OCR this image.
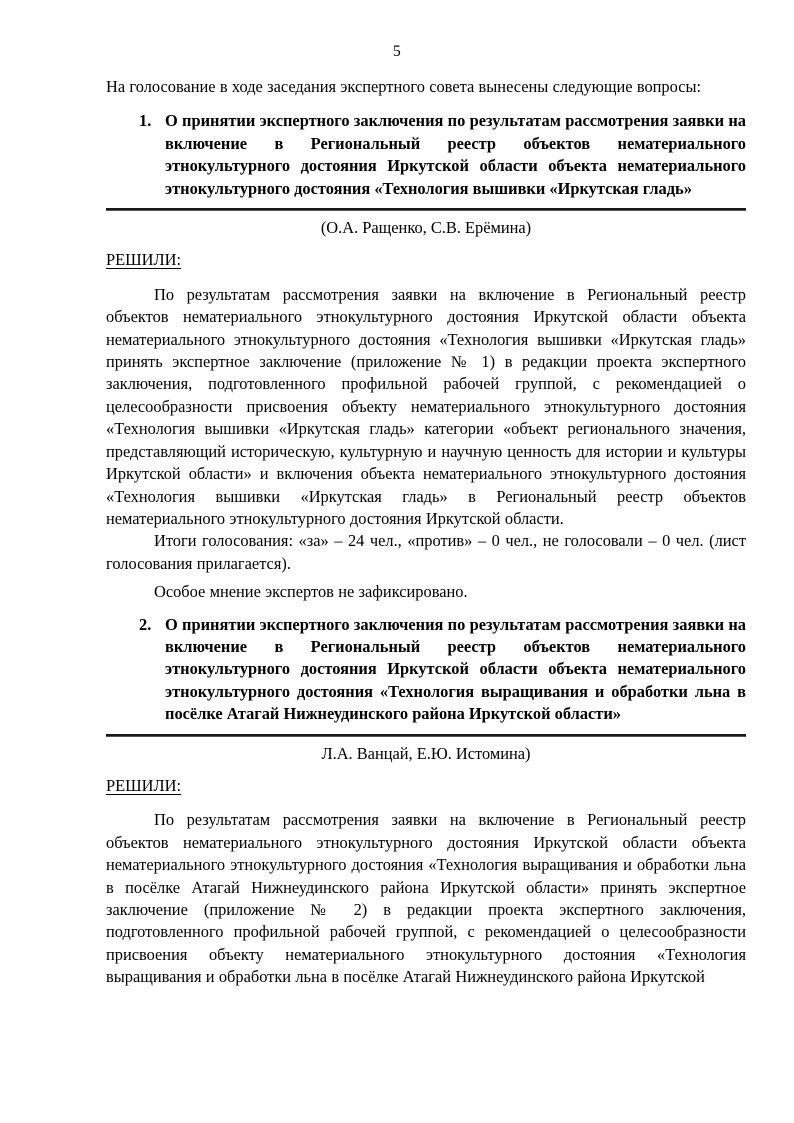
5

На голосование в ходе заседания экспертного совета вынесены следующие вопросы:

1. О принятии экспертного заключения по результатам рассмотрения заявки на включение в Региональный реестр объектов нематериального этнокультурного достояния Иркутской области объекта нематериального этнокультурного достояния «Технология вышивки «Иркутская гладь»

(О.А. Ращенко, С.В. Ерёмина)

РЕШИЛИ:

По результатам рассмотрения заявки на включение в Региональный реестр объектов нематериального этнокультурного достояния Иркутской области объекта нематериального этнокультурного достояния «Технология вышивки «Иркутская гладь» принять экспертное заключение (приложение № 1) в редакции проекта экспертного заключения, подготовленного профильной рабочей группой, с рекомендацией о целесообразности присвоения объекту нематериального этнокультурного достояния «Технология вышивки «Иркутская гладь» категории «объект регионального значения, представляющий историческую, культурную и научную ценность для истории и культуры Иркутской области» и включения объекта нематериального этнокультурного достояния «Технология вышивки «Иркутская гладь» в Региональный реестр объектов нематериального этнокультурного достояния Иркутской области.

Итоги голосования: «за» – 24 чел., «против» – 0 чел., не голосовали – 0 чел. (лист голосования прилагается).

Особое мнение экспертов не зафиксировано.

2. О принятии экспертного заключения по результатам рассмотрения заявки на включение в Региональный реестр объектов нематериального этнокультурного достояния Иркутской области объекта нематериального этнокультурного достояния «Технология выращивания и обработки льна в посёлке Атагай Нижнеудинского района Иркутской области»

Л.А. Ванцай, Е.Ю. Истомина)

РЕШИЛИ:

По результатам рассмотрения заявки на включение в Региональный реестр объектов нематериального этнокультурного достояния Иркутской области объекта нематериального этнокультурного достояния «Технология выращивания и обработки льна в посёлке Атагай Нижнеудинского района Иркутской области» принять экспертное заключение (приложение № 2) в редакции проекта экспертного заключения, подготовленного профильной рабочей группой, с рекомендацией о целесообразности присвоения объекту нематериального этнокультурного достояния «Технология выращивания и обработки льна в посёлке Атагай Нижнеудинского района Иркутской
